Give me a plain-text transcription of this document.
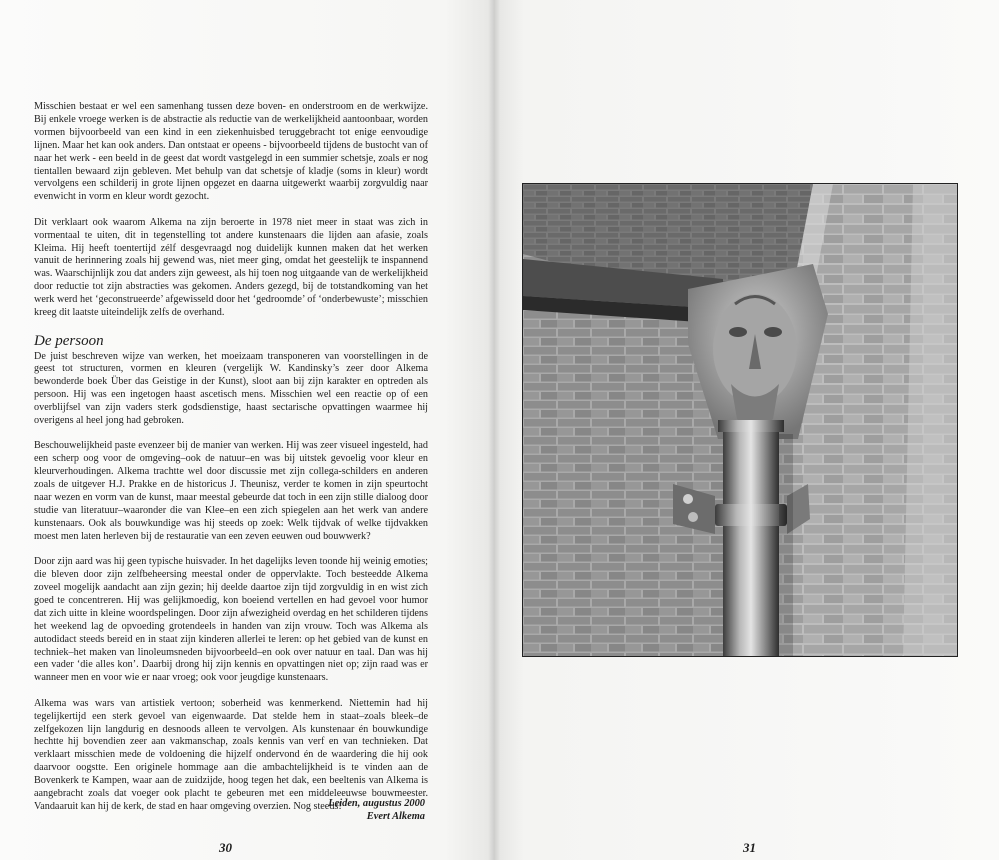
Misschien bestaat er wel een samenhang tussen deze boven- en onderstroom en de werkwijze. Bij enkele vroege werken is de abstractie als reductie van de werkelijkheid aantoonbaar, worden vormen bijvoorbeeld van een kind in een ziekenhuisbed teruggebracht tot enige eenvoudige lijnen. Maar het kan ook anders. Dan ontstaat er opeens - bijvoorbeeld tijdens de bustocht van of naar het werk - een beeld in de geest dat wordt vastgelegd in een summier schetsje, zoals er nog tientallen bewaard zijn gebleven. Met behulp van dat schetsje of kladje (soms in kleur) wordt vervolgens een schilderij in grote lijnen opgezet en daarna uitgewerkt waarbij zorgvuldig naar evenwicht in vorm en kleur wordt gezocht.

Dit verklaart ook waarom Alkema na zijn beroerte in 1978 niet meer in staat was zich in vormentaal te uiten, dit in tegenstelling tot andere kunstenaars die lijden aan afasie, zoals Kleima. Hij heeft toentertijd zélf desgevraagd nog duidelijk kunnen maken dat het werken vanuit de herinnering zoals hij gewend was, niet meer ging, omdat het geestelijk te inspannend was. Waarschijnlijk zou dat anders zijn geweest, als hij toen nog uitgaande van de werkelijkheid door reductie tot zijn abstracties was gekomen. Anders gezegd, bij de totstandkoming van het werk werd het ‘geconstrueerde’ afgewisseld door het ‘gedroomde’ of ‘onderbewuste’; misschien kreeg dit laatste uiteindelijk zelfs de overhand.

De persoon

De juist beschreven wijze van werken, het moeizaam transponeren van voorstellingen in de geest tot structuren, vormen en kleuren (vergelijk W. Kandinsky’s zeer door Alkema bewonderde boek Über das Geistige in der Kunst), sloot aan bij zijn karakter en optreden als persoon. Hij was een ingetogen haast ascetisch mens. Misschien wel een reactie op of een overblijfsel van zijn vaders sterk godsdienstige, haast sectarische opvattingen waarmee hij overigens al heel jong had gebroken.

Beschouwelijkheid paste evenzeer bij de manier van werken. Hij was zeer visueel ingesteld, had een scherp oog voor de omgeving–ook de natuur–en was bij uitstek gevoelig voor kleur en kleurverhoudingen. Alkema trachtte wel door discussie met zijn collega-schilders en anderen zoals de uitgever H.J. Prakke en de historicus J. Theunisz, verder te komen in zijn speurtocht naar wezen en vorm van de kunst, maar meestal gebeurde dat toch in een zijn stille dialoog door studie van literatuur–waaronder die van Klee–en een zich spiegelen aan het werk van andere kunstenaars. Ook als bouwkundige was hij steeds op zoek: Welk tijdvak of welke tijdvakken moest men laten herleven bij de restauratie van een zeven eeuwen oud bouwwerk?

Door zijn aard was hij geen typische huisvader. In het dagelijks leven toonde hij weinig emoties; die bleven door zijn zelfbeheersing meestal onder de oppervlakte. Toch besteedde Alkema zoveel mogelijk aandacht aan zijn gezin; hij deelde daartoe zijn tijd zorgvuldig in en wist zich goed te concentreren. Hij was gelijkmoedig, kon boeiend vertellen en had gevoel voor humor dat zich uitte in kleine woordspelingen. Door zijn afwezigheid overdag en het schilderen tijdens het weekend lag de opvoeding grotendeels in handen van zijn vrouw. Toch was Alkema als autodidact steeds bereid en in staat zijn kinderen allerlei te leren: op het gebied van de kunst en techniek–het maken van linoleumsneden bijvoorbeeld–en ook over natuur en taal. Dan was hij een vader ‘die alles kon’. Daarbij drong hij zijn kennis en opvattingen niet op; zijn raad was er wanneer men en voor wie er naar vroeg; ook voor jeugdige kunstenaars.

Alkema was wars van artistiek vertoon; soberheid was kenmerkend. Niettemin had hij tegelijkertijd een sterk gevoel van eigenwaarde. Dat stelde hem in staat–zoals bleek–de zelfgekozen lijn langdurig en desnoods alleen te vervolgen. Als kunstenaar én bouwkundige hechtte hij bovendien zeer aan vakmanschap, zoals kennis van verf en van technieken. Dat verklaart misschien mede de voldoening die hijzelf ondervond én de waardering die hij ook daarvoor oogstte. Een originele hommage aan die ambachtelijkheid is te vinden aan de Bovenkerk te Kampen, waar aan de zuidzijde, hoog tegen het dak, een beeltenis van Alkema is aangebracht zoals dat voeger ook placht te gebeuren met een middeleeuwse bouwmeester. Vandaaruit kan hij de kerk, de stad en haar omgeving overzien. Nog steeds!

Leiden, augustus 2000
Evert Alkema
30	31
